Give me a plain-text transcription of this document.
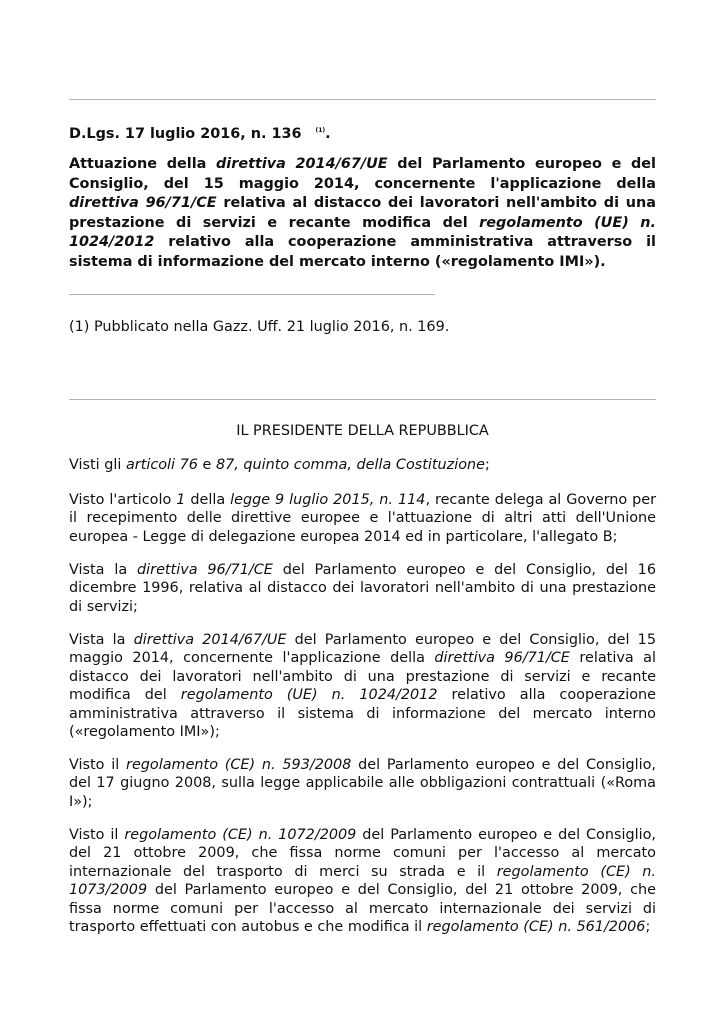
D.Lgs. 17 luglio 2016, n. 136 $^{(1)}$.
Attuazione della direttiva 2014/67/UE del Parlamento europeo e del Consiglio, del 15 maggio 2014, concernente l'applicazione della direttiva 96/71/CE relativa al distacco dei lavoratori nell'ambito di una prestazione di servizi e recante modifica del regolamento (UE) n. 1024/2012 relativo alla cooperazione amministrativa attraverso il sistema di informazione del mercato interno («regolamento IMI»).
(1) Pubblicato nella Gazz. Uff. 21 luglio 2016, n. 169.
IL PRESIDENTE DELLA REPUBBLICA

Visti gli articoli 76 e 87, quinto comma, della Costituzione;

Visto l'articolo 1 della legge 9 luglio 2015, n. 114, recante delega al Governo per il recepimento delle direttive europee e l'attuazione di altri atti dell'Unione europea - Legge di delegazione europea 2014 ed in particolare, l'allegato B;

Vista la direttiva 96/71/CE del Parlamento europeo e del Consiglio, del 16 dicembre 1996, relativa al distacco dei lavoratori nell'ambito di una prestazione di servizi;

Vista la direttiva 2014/67/UE del Parlamento europeo e del Consiglio, del 15 maggio 2014, concernente l'applicazione della direttiva 96/71/CE relativa al distacco dei lavoratori nell'ambito di una prestazione di servizi e recante modifica del regolamento (UE) n. 1024/2012 relativo alla cooperazione amministrativa attraverso il sistema di informazione del mercato interno («regolamento IMI»);

Visto il regolamento (CE) n. 593/2008 del Parlamento europeo e del Consiglio, del 17 giugno 2008, sulla legge applicabile alle obbligazioni contrattuali («Roma I»);

Visto il regolamento (CE) n. 1072/2009 del Parlamento europeo e del Consiglio, del 21 ottobre 2009, che fissa norme comuni per l'accesso al mercato internazionale del trasporto di merci su strada e il regolamento (CE) n. 1073/2009 del Parlamento europeo e del Consiglio, del 21 ottobre 2009, che fissa norme comuni per l'accesso al mercato internazionale dei servizi di trasporto effettuati con autobus e che modifica il regolamento (CE) n. 561/2006;
